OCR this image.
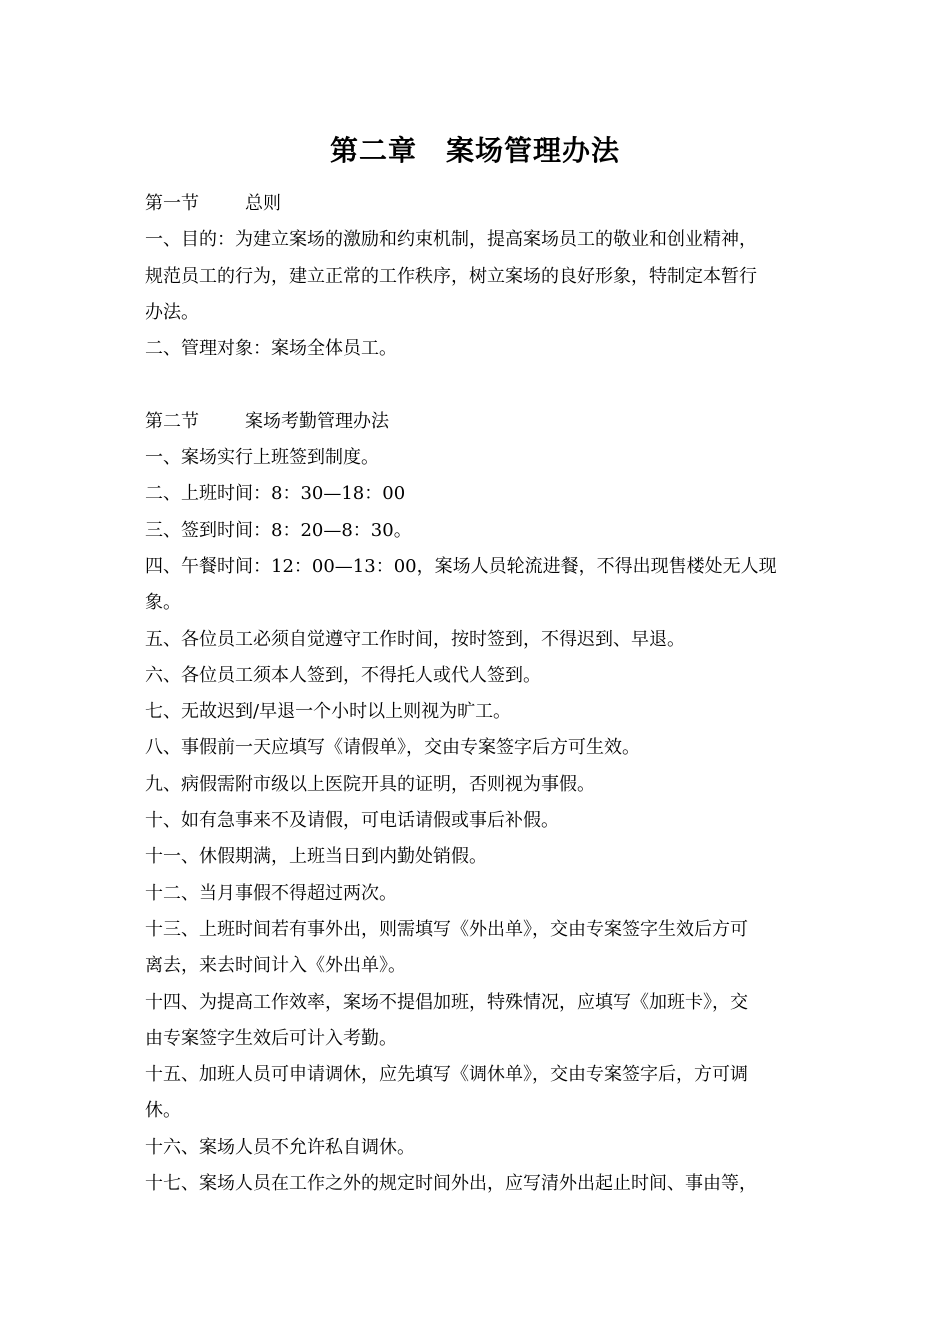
第二章　案场管理办法
第一节	总则
一、目的：为建立案场的激励和约束机制，提高案场员工的敬业和创业精神，
规范员工的行为，建立正常的工作秩序，树立案场的良好形象，特制定本暂行
办法。
二、管理对象：案场全体员工。
第二节	案场考勤管理办法
一、案场实行上班签到制度。
二、上班时间：8：30—18：00
三、签到时间：8：20—8：30。
四、午餐时间：12：00—13：00，案场人员轮流进餐，不得出现售楼处无人现
象。
五、各位员工必须自觉遵守工作时间，按时签到，不得迟到、早退。
六、各位员工须本人签到，不得托人或代人签到。
七、无故迟到/早退一个小时以上则视为旷工。
八、事假前一天应填写《请假单》，交由专案签字后方可生效。
九、病假需附市级以上医院开具的证明，否则视为事假。
十、如有急事来不及请假，可电话请假或事后补假。
十一、休假期满，上班当日到内勤处销假。
十二、当月事假不得超过两次。
十三、上班时间若有事外出，则需填写《外出单》，交由专案签字生效后方可
离去，来去时间计入《外出单》。
十四、为提高工作效率，案场不提倡加班，特殊情况，应填写《加班卡》，交
由专案签字生效后可计入考勤。
十五、加班人员可申请调休，应先填写《调休单》，交由专案签字后，方可调
休。
十六、案场人员不允许私自调休。
十七、案场人员在工作之外的规定时间外出，应写清外出起止时间、事由等，
